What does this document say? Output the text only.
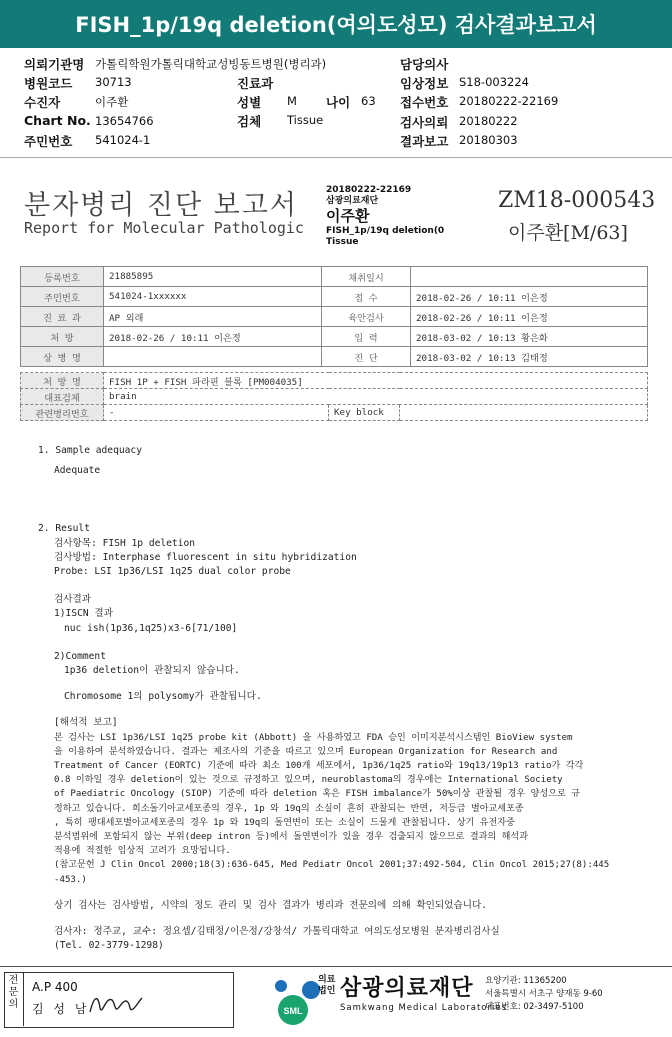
FISH_1p/19q deletion(여의도성모) 검사결과보고서
의뢰기관명 가톨릭학원가톨릭대학교성빙동트병원(병리과)	담당의사
병원코드 30713	진료과	임상정보 S18-003224
수진자	이주환	성별 M 나이 63 접수번호 20180222-22169
Chart No. 13654766	검체 Tissue	검사의뢰 20180222
주민번호 541024-1	결과보고 20180303
분자병리 진단 보고서
Report for Molecular Pathologic
20180222-22169
삼광의료재단
이주환
FISH_1p/19q deletion(0
Tissue
ZM18-000543
이주환[M/63]
등록번호	21885895	채취일시	
주민번호	541024-1xxxxxx	접 수	2018-02-26 / 10:11 이은정
진 료 과	AP 외래	육안검사	2018-02-26 / 10:11 이은정
처 방	2018-02-26 / 10:11 이은정	입 력	2018-03-02 / 10:13 황은화
상 병 명		진 단	2018-03-02 / 10:13 김태정
처 방 명	FISH 1P + FISH 파라핀 블록 [PM004035]		
대표검체	brain		
관련병리번호	-	Key block	

1. Sample adequacy

Adequate

2. Result

검사항목: FISH 1p deletion

검사방법: Interphase fluorescent in situ hybridization

Probe: LSI 1p36/LSI 1q25 dual color probe

검사결과

1)ISCN 결과

nuc ish(1p36,1q25)x3-6[71/100]

2)Comment

1p36 deletion이 관찰되지 않습니다.

Chromosome 1의 polysomy가 관찰됩니다.

[해석적 보고]

본 검사는 LSI 1p36/LSI 1q25 probe kit (Abbott) 을 사용하였고 FDA 승인 이미지분석시스템인 BioView system

을 이용하여 분석하였습니다. 결과는 제조사의 기준을 따르고 있으며 European Organization for Research and

Treatment of Cancer (EORTC) 기준에 따라 최소 100개 세포에서, 1p36/1q25 ratio와 19q13/19p13 ratio가 각각

0.8 이하일 경우 deletion이 있는 것으로 규정하고 있으며, neuroblastoma의 경우에는 International Society

of Paediatric Oncology (SIOP) 기준에 따라 deletion 혹은 FISH imbalance가 50%이상 관찰될 경우 양성으로 규

정하고 있습니다. 희소돌기아교세포종의 경우, 1p 와 19q의 소실이 흔히 관찰되는 반면, 저등급 별아교세포종

, 특히 팽대세포별아교세포종의 경우 1p 와 19q의 돌연변이 또는 소실이 드물게 관찰됩니다. 상기 유전자중

분석범위에 포함되지 않는 부위(deep intron 등)에서 돌연변이가 있을 경우 검출되지 않으므로 결과의 해석과

적용에 적절한 임상적 고려가 요망됩니다.

(참고문헌 J Clin Oncol 2000;18(3):636-645, Med Pediatr Oncol 2001;37:492-504, Clin Oncol 2015;27(8):445

-453.)

상기 검사는 검사방법, 시약의 정도 관리 및 검사 결과가 병리과 전문의에 의해 확인되었습니다.

검사자: 정주교, 교수: 정요셉/김태정/이은정/강창석/ 가톨릭대학교 여의도성모병원 분자병리검사실

(Tel. 02-3779-1298)

전문의
A.P 400
김 성 남	SML
의료법인 삼광의료재단
Samkwang Medical Laboratories
요양기관: 11365200
서울특별시 서초구 양재동 9-60
대표번호: 02-3497-5100
